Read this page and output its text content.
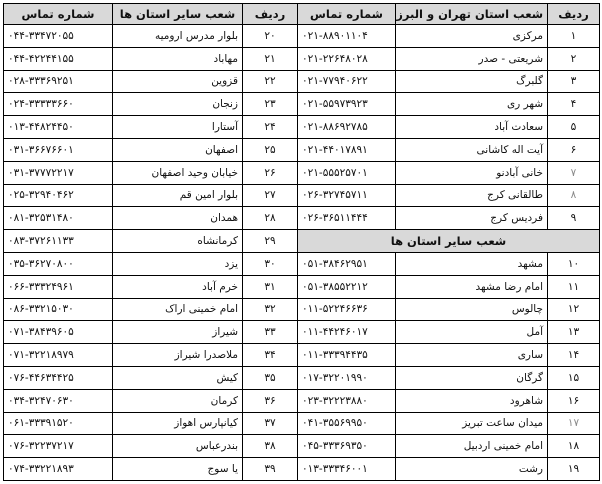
ردیف	شعب استان تهران و البرز	شماره تماس	ردیف	شعب سایر استان ها	شماره تماس
۱	مرکزی	۰۲۱-۸۸۹۰۱۱۰۴	۲۰	بلوار مدرس ارومیه	۰۴۴-۳۳۴۷۲۰۵۵
۲	شریعتی - صدر	۰۲۱-۲۲۶۴۸۰۲۸	۲۱	مهاباد	۰۴۴-۴۲۲۴۴۱۵۵
۳	گلبرگ	۰۲۱-۷۷۹۴۰۶۲۲	۲۲	قزوین	۰۲۸-۳۳۳۶۹۲۵۱
۴	شهر ری	۰۲۱-۵۵۹۷۳۹۲۳	۲۳	زنجان	۰۲۴-۳۳۳۳۳۶۶۰
۵	سعادت آباد	۰۲۱-۸۸۶۹۲۷۸۵	۲۴	آستارا	۰۱۳-۴۴۸۲۴۴۵۰
۶	آیت اله کاشانی	۰۲۱-۴۴۰۱۷۸۹۱	۲۵	اصفهان	۰۳۱-۳۶۶۷۶۶۰۱
۷	خانی آبادنو	۰۲۱-۵۵۵۲۵۷۰۱	۲۶	خیابان وحید اصفهان	۰۳۱-۳۷۷۷۲۲۱۷
۸	طالقانی کرج	۰۲۶-۳۲۷۴۵۷۱۱	۲۷	بلوار امین قم	۰۲۵-۳۲۹۴۰۴۶۲
۹	فردیس کرج	۰۲۶-۳۶۵۱۱۴۴۴	۲۸	همدان	۰۸۱-۳۲۵۳۱۴۸۰
شعب سایر استان ها			۲۹	کرمانشاه	۰۸۳-۳۷۲۶۱۱۳۳
۱۰	مشهد	۰۵۱-۳۸۴۶۲۹۵۱	۳۰	یزد	۰۳۵-۳۶۲۷۰۸۰۰
۱۱	امام رضا مشهد	۰۵۱-۳۸۵۵۲۲۱۲	۳۱	خرم آباد	۰۶۶-۳۳۳۲۴۹۶۱
۱۲	چالوس	۰۱۱-۵۲۲۴۶۶۳۶	۳۲	امام خمینی اراک	۰۸۶-۳۳۲۱۵۰۳۰
۱۳	آمل	۰۱۱-۴۴۲۴۶۰۱۷	۳۳	شیراز	۰۷۱-۳۸۴۳۹۶۰۵
۱۴	ساری	۰۱۱-۳۳۳۹۴۴۳۵	۳۴	ملاصدرا شیراز	۰۷۱-۳۲۲۱۸۹۷۹
۱۵	گرگان	۰۱۷-۳۲۲۰۱۹۹۰	۳۵	کیش	۰۷۶-۴۴۶۳۴۴۲۵
۱۶	شاهرود	۰۲۳-۳۲۲۲۳۸۸۰	۳۶	کرمان	۰۳۴-۳۲۴۷۰۶۳۰
۱۷	میدان ساعت تبریز	۰۴۱-۳۵۵۶۹۹۵۰	۳۷	کیانپارس اهواز	۰۶۱-۳۳۳۹۱۵۲۰
۱۸	امام خمینی اردبیل	۰۴۵-۳۳۳۶۹۳۵۰	۳۸	بندرعباس	۰۷۶-۳۲۲۳۷۲۱۷
۱۹	رشت	۰۱۳-۳۳۳۴۶۰۰۱	۳۹	یا سوج	۰۷۴-۳۳۲۲۱۸۹۳
